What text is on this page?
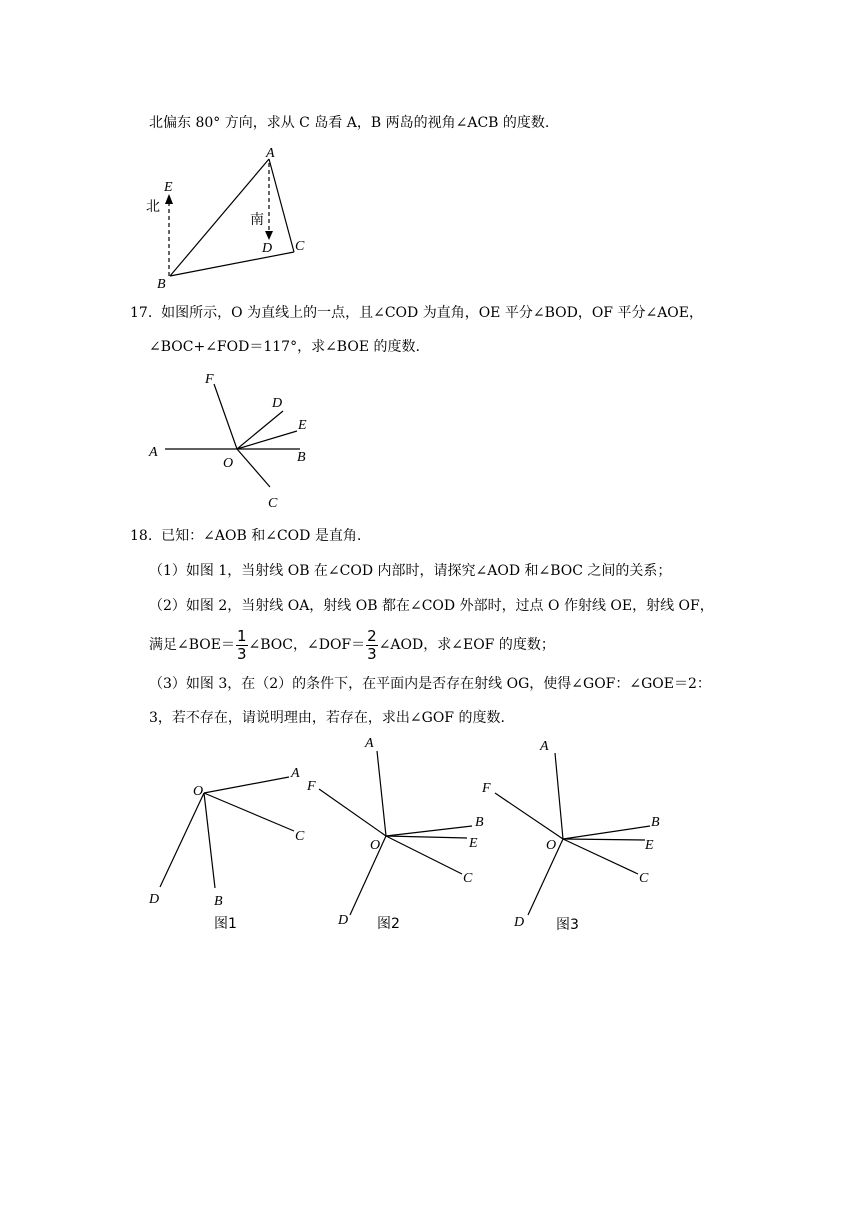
北偏东 80° 方向，求从 C 岛看 A，B 两岛的视角∠ACB 的度数.
A
E
北
南
D C
B
17. 如图所示，O 为直线上的一点，且∠COD 为直角，OE 平分∠BOD，OF 平分∠AOE，
∠BOC+∠FOD＝117°，求∠BOE 的度数.
F
D
E
A
O	B
C
18. 已知：∠AOB 和∠COD 是直角.
（1）如图 1，当射线 OB 在∠COD 内部时，请探究∠AOD 和∠BOC 之间的关系；
（2）如图 2，当射线 OA，射线 OB 都在∠COD 外部时，过点 O 作射线 OE，射线 OF，
满足∠BOE＝ $\frac{1}{3}$ ∠BOC，∠DOF＝ $\frac{2}{3}$ ∠AOD，求∠EOF 的度数；
（3）如图 3，在（2）的条件下，在平面内是否存在射线 OG，使得∠GOF：∠GOE＝2：
3，若不存在，请说明理由，若存在，求出∠GOF 的度数.
O
A
C
D	B
图1
A
F
B
O	E
C
D 图2
A
F
B
O	E
C
D 图3
